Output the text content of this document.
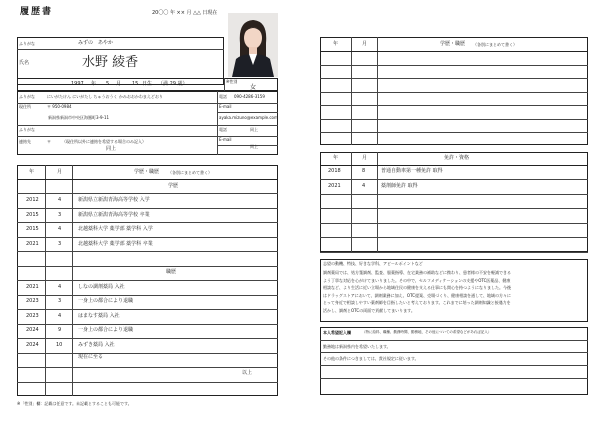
履歴書	20〇〇 年 ×× 月 △△ 日現在
ふりがな	みずの　あやか
氏名	水野 綾香
1997 年 5 月 15 日生 （満 29 歳）	※性別
女
ふりがな	にいがたけん にいがたし ちゅうおうく かみおおかわまえどおり
現住所	〒 950-0984
新潟県新潟市中央区海鳳町3-9-11
電話 090-4286-3159
E-mail
ayaka.mizuno@example.com
ふりがな
連絡先	〒	（現住所以外に連絡を希望する場合のみ記入）
同上
電話	同上
E-mail
同上
年	月	学歴・職歴 （各別にまとめて書く）
学歴
2012	4	新潟県立新潟青海高等学校 入学
2015	3	新潟県立新潟青海高等学校 卒業
2015	4	北越薬科大学 薬学部 薬学科 入学
2021	3	北越薬科大学 薬学部 薬学科 卒業
職歴
2021	4	しなの調剤薬局 入社
2023	3	一身上の都合により退職
2023	4	はまなす薬局 入社
2024	9	一身上の都合により退職
2024	10	みずき薬局 入社
現在に至る
以上
※「性別」欄：記載は任意です。未記載とすることも可能です。
年	月	学歴・職歴 （各別にまとめて書く）
年	月	免許・資格
2018	8	普通自動車第一種免許 取得
2021	4	薬剤師免許 取得
志望の動機、特技、好きな学科、アピールポイントなど
調剤薬局では、処方箋調剤、監査、服薬指導、在宅業務の補助などに携わり、患者様の不安を軽減できる
よう丁寧な対応を心がけてまいりました。その中で、セルフメディケーションの支援やOTC医薬品、健康
相談など、より生活に近い立場から地域住民の健康を支える仕事にも関心を持つようになりました。今後
はドラッグストアにおいて、調剤業務に加え、OTC提案、売場づくり、健康相談を通して、地域の方々に
とって身近で相談しやすい薬剤師を目指したいと考えております。これまでに培った調剤知識と接遇力を
活かし、調剤とOTCの両面で貢献してまいります。
本人希望記入欄	（特に給料、職種、勤務時間、勤務地、その他についての希望などがあれば記入）
勤務地は新潟県内を希望いたします。
その他の条件につきましては、貴社規定に従います。
